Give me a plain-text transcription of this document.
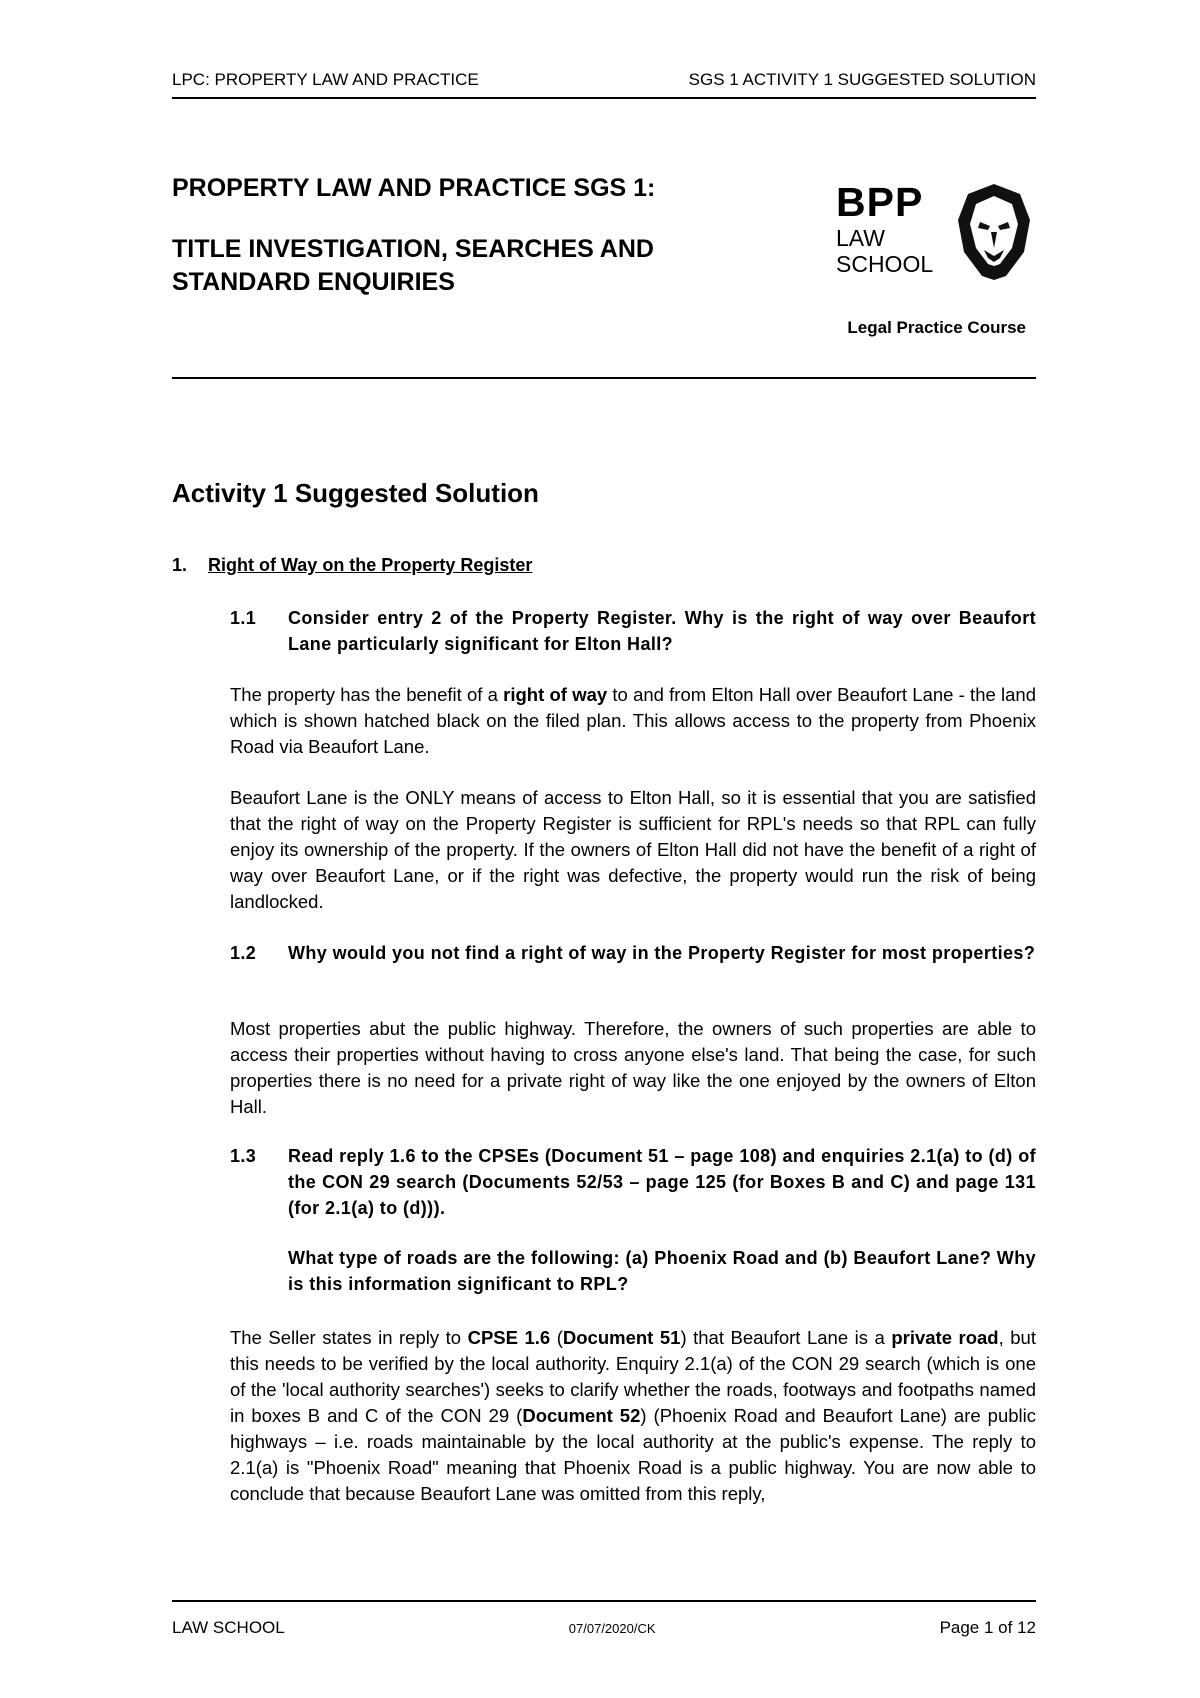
LPC: PROPERTY LAW AND PRACTICE	SGS 1 ACTIVITY 1 SUGGESTED SOLUTION

PROPERTY LAW AND PRACTICE SGS 1:

TITLE INVESTIGATION, SEARCHES AND

STANDARD ENQUIRIES

BPP
LAW
SCHOOL
Legal Practice Course
Activity 1 Suggested Solution
1. Right of Way on the Property Register
1.1 Consider entry 2 of the Property Register. Why is the right of way over Beaufort Lane particularly significant for Elton Hall?
The property has the benefit of a right of way to and from Elton Hall over Beaufort Lane - the land which is shown hatched black on the filed plan. This allows access to the property from Phoenix Road via Beaufort Lane.
Beaufort Lane is the ONLY means of access to Elton Hall, so it is essential that you are satisfied that the right of way on the Property Register is sufficient for RPL's needs so that RPL can fully enjoy its ownership of the property. If the owners of Elton Hall did not have the benefit of a right of way over Beaufort Lane, or if the right was defective, the property would run the risk of being landlocked.
1.2 Why would you not find a right of way in the Property Register for most properties?
Most properties abut the public highway. Therefore, the owners of such properties are able to access their properties without having to cross anyone else's land. That being the case, for such properties there is no need for a private right of way like the one enjoyed by the owners of Elton Hall.
1.3 Read reply 1.6 to the CPSEs (Document 51 – page 108) and enquiries 2.1(a) to (d) of the CON 29 search (Documents 52/53 – page 125 (for Boxes B and C) and page 131 (for 2.1(a) to (d))).
What type of roads are the following: (a) Phoenix Road and (b) Beaufort Lane? Why is this information significant to RPL?
The Seller states in reply to CPSE 1.6 (Document 51) that Beaufort Lane is a private road, but this needs to be verified by the local authority. Enquiry 2.1(a) of the CON 29 search (which is one of the 'local authority searches') seeks to clarify whether the roads, footways and footpaths named in boxes B and C of the CON 29 (Document 52) (Phoenix Road and Beaufort Lane) are public highways – i.e. roads maintainable by the local authority at the public's expense. The reply to 2.1(a) is "Phoenix Road" meaning that Phoenix Road is a public highway. You are now able to conclude that because Beaufort Lane was omitted from this reply,
LAW SCHOOL	07/07/2020/CK	Page 1 of 12
